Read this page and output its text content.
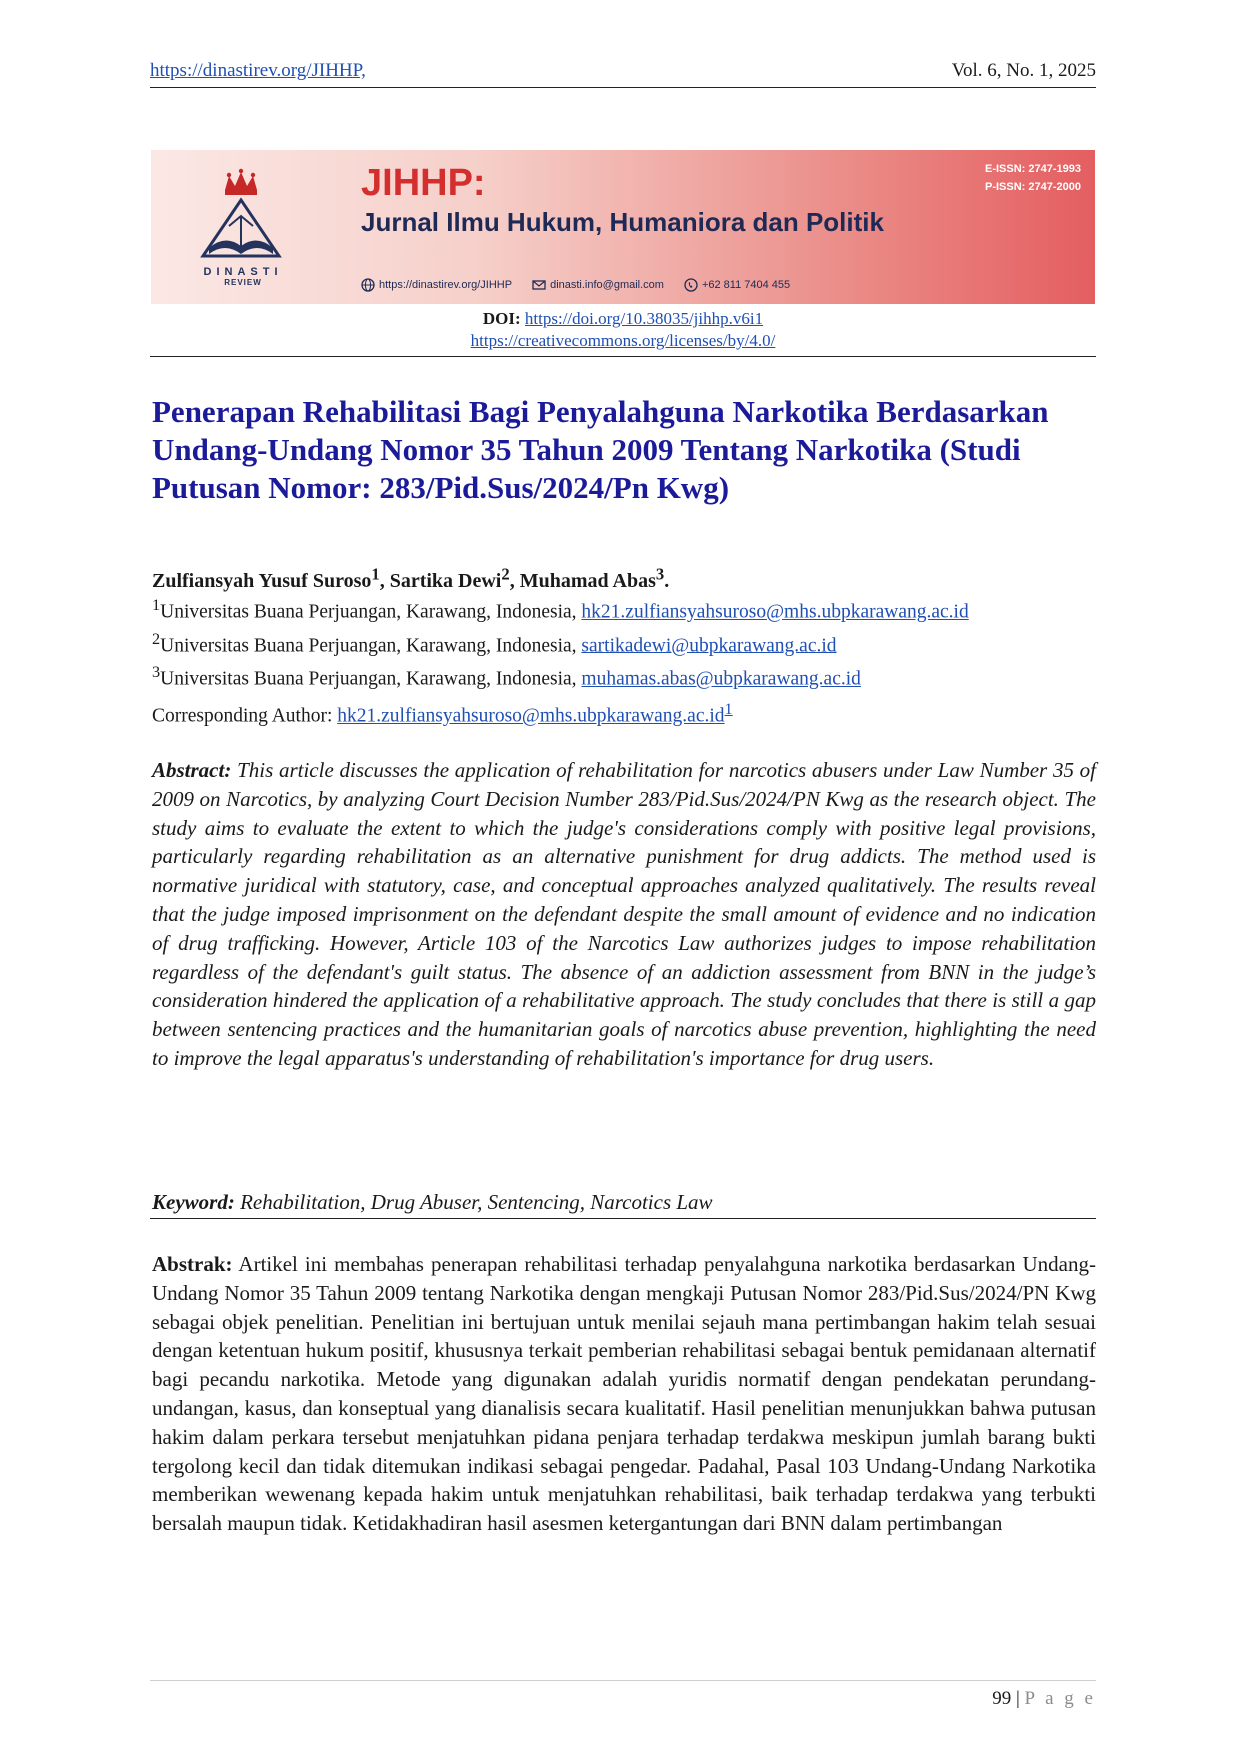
https://dinastirev.org/JIHHP,	Vol. 6, No. 1, 2025
DINASTI
REVIEW
JIHHP:
Jurnal Ilmu Hukum, Humaniora dan Politik
E-ISSN: 2747-1993
P-ISSN: 2747-2000
https://dinastirev.org/JIHHP	dinasti.info@gmail.com	+62 811 7404 455
DOI: https://doi.org/10.38035/jihhp.v6i1
https://creativecommons.org/licenses/by/4.0/
Penerapan Rehabilitasi Bagi Penyalahguna Narkotika Berdasarkan Undang-Undang Nomor 35 Tahun 2009 Tentang Narkotika (Studi Putusan Nomor: 283/Pid.Sus/2024/Pn Kwg)
Zulfiansyah Yusuf Suroso$^1$, Sartika Dewi$^2$, Muhamad Abas$^3$.
$^1$Universitas Buana Perjuangan, Karawang, Indonesia, hk21.zulfiansyahsuroso@mhs.ubpkarawang.ac.id
$^2$Universitas Buana Perjuangan, Karawang, Indonesia, sartikadewi@ubpkarawang.ac.id
$^3$Universitas Buana Perjuangan, Karawang, Indonesia, muhamas.abas@ubpkarawang.ac.id
Corresponding Author: hk21.zulfiansyahsuroso@mhs.ubpkarawang.ac.id$^1$
Abstract: This article discusses the application of rehabilitation for narcotics abusers under Law Number 35 of 2009 on Narcotics, by analyzing Court Decision Number 283/Pid.Sus/2024/PN Kwg as the research object. The study aims to evaluate the extent to which the judge's considerations comply with positive legal provisions, particularly regarding rehabilitation as an alternative punishment for drug addicts. The method used is normative juridical with statutory, case, and conceptual approaches analyzed qualitatively. The results reveal that the judge imposed imprisonment on the defendant despite the small amount of evidence and no indication of drug trafficking. However, Article 103 of the Narcotics Law authorizes judges to impose rehabilitation regardless of the defendant's guilt status. The absence of an addiction assessment from BNN in the judge’s consideration hindered the application of a rehabilitative approach. The study concludes that there is still a gap between sentencing practices and the humanitarian goals of narcotics abuse prevention, highlighting the need to improve the legal apparatus's understanding of rehabilitation's importance for drug users.
Keyword: Rehabilitation, Drug Abuser, Sentencing, Narcotics Law
Abstrak: Artikel ini membahas penerapan rehabilitasi terhadap penyalahguna narkotika berdasarkan Undang-Undang Nomor 35 Tahun 2009 tentang Narkotika dengan mengkaji Putusan Nomor 283/Pid.Sus/2024/PN Kwg sebagai objek penelitian. Penelitian ini bertujuan untuk menilai sejauh mana pertimbangan hakim telah sesuai dengan ketentuan hukum positif, khususnya terkait pemberian rehabilitasi sebagai bentuk pemidanaan alternatif bagi pecandu narkotika. Metode yang digunakan adalah yuridis normatif dengan pendekatan perundang-undangan, kasus, dan konseptual yang dianalisis secara kualitatif. Hasil penelitian menunjukkan bahwa putusan hakim dalam perkara tersebut menjatuhkan pidana penjara terhadap terdakwa meskipun jumlah barang bukti tergolong kecil dan tidak ditemukan indikasi sebagai pengedar. Padahal, Pasal 103 Undang-Undang Narkotika memberikan wewenang kepada hakim untuk menjatuhkan rehabilitasi, baik terhadap terdakwa yang terbukti bersalah maupun tidak. Ketidakhadiran hasil asesmen ketergantungan dari BNN dalam pertimbangan
99 | P a g e
